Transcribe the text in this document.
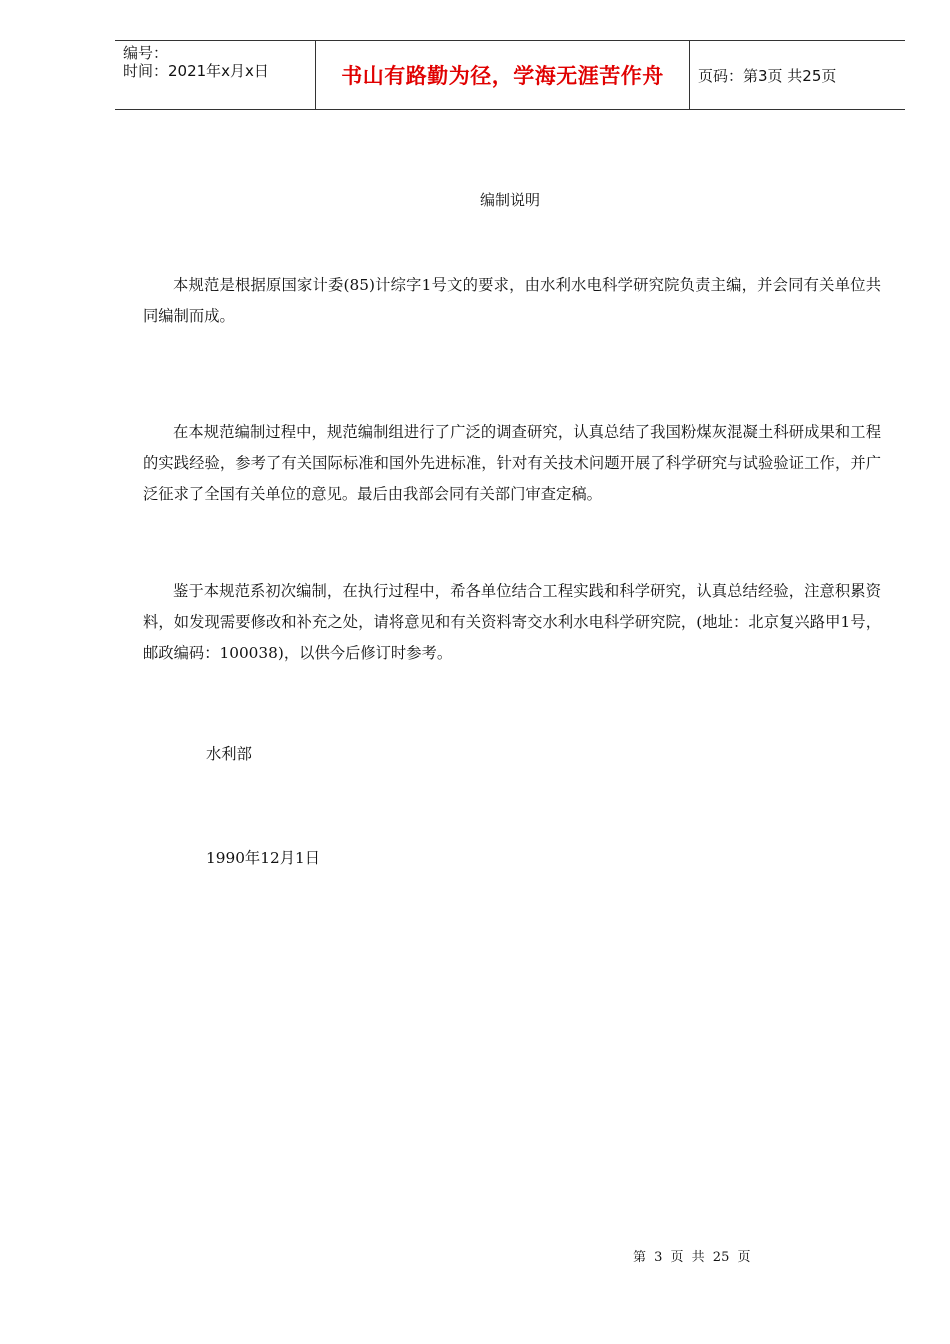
编号：
时间：2021年x月x日	书山有路勤为径，学海无涯苦作舟 页码：第3页 共25页
编制说明

本规范是根据原国家计委(85)计综字1号文的要求，由水利水电科学研究院负责主编，并会同有关单位共同编制而成。

在本规范编制过程中，规范编制组进行了广泛的调查研究，认真总结了我国粉煤灰混凝土科研成果和工程的实践经验，参考了有关国际标准和国外先进标准，针对有关技术问题开展了科学研究与试验验证工作，并广泛征求了全国有关单位的意见。最后由我部会同有关部门审查定稿。

鉴于本规范系初次编制，在执行过程中，希各单位结合工程实践和科学研究，认真总结经验，注意积累资料，如发现需要修改和补充之处，请将意见和有关资料寄交水利水电科学研究院，(地址：北京复兴路甲1号，邮政编码：100038)，以供今后修订时参考。

水利部
1990年12月1日
第 3 页 共 25 页
